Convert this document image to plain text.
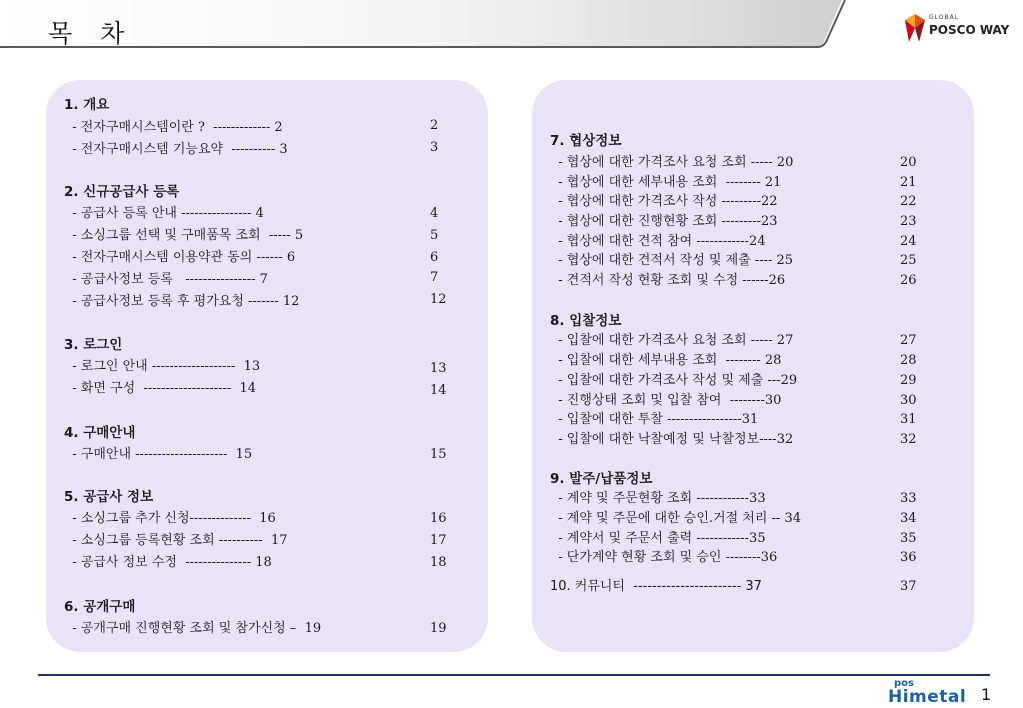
목 차
GLOBAL
POSCO WAY
1. 개요
- 전자구매시스템이란 ?  ------------- 2	2
- 전자구매시스템 기능요약  ---------- 3	3
2. 신규공급사 등록
- 공급사 등록 안내 ---------------- 4	4
- 소싱그룹 선택 및 구매품목 조회  ----- 5	5
- 전자구매시스템 이용약관 동의 ------ 6	6
- 공급사정보 등록   ---------------- 7	7
- 공급사정보 등록 후 평가요청 ------- 12	12
3. 로그인
- 로그인 안내 -------------------  13	13
- 화면 구성  --------------------  14	14
4. 구매안내
- 구매안내 ---------------------  15	15
5. 공급사 정보
- 소싱그룹 추가 신청--------------  16	16
- 소싱그룹 등록현황 조회 ----------  17	17
- 공급사 정보 수정  --------------- 18	18
6. 공개구매
- 공개구매 진행현황 조회 및 참가신청 –  19	19
7. 협상정보
- 협상에 대한 가격조사 요청 조회 ----- 20	20
- 협상에 대한 세부내용 조회  -------- 21	21
- 협상에 대한 가격조사 작성 ---------22	22
- 협상에 대한 진행현황 조회 ---------23	23
- 협상에 대한 견적 참여 ------------24	24
- 협상에 대한 견적서 작성 및 제출 ---- 25	25
- 견적서 작성 현황 조회 및 수정 ------26	26
8. 입찰정보
- 입찰에 대한 가격조사 요청 조회 ----- 27	27
- 입찰에 대한 세부내용 조회  -------- 28	28
- 입찰에 대한 가격조사 작성 및 제출 ---29	29
- 진행상태 조회 및 입찰 참여  --------30	30
- 입찰에 대한 투찰 -----------------31	31
- 입찰에 대한 낙찰예정 및 낙찰정보----32	32
9. 발주/납품정보
- 계약 및 주문현황 조회 ------------33	33
- 계약 및 주문에 대한 승인.거절 처리 -- 34	34
- 계약서 및 주문서 출력 ------------35	35
- 단가계약 현황 조회 및 승인 --------36	36
10. 커뮤니티  ----------------------- 37	37
pos
Himetal 1
